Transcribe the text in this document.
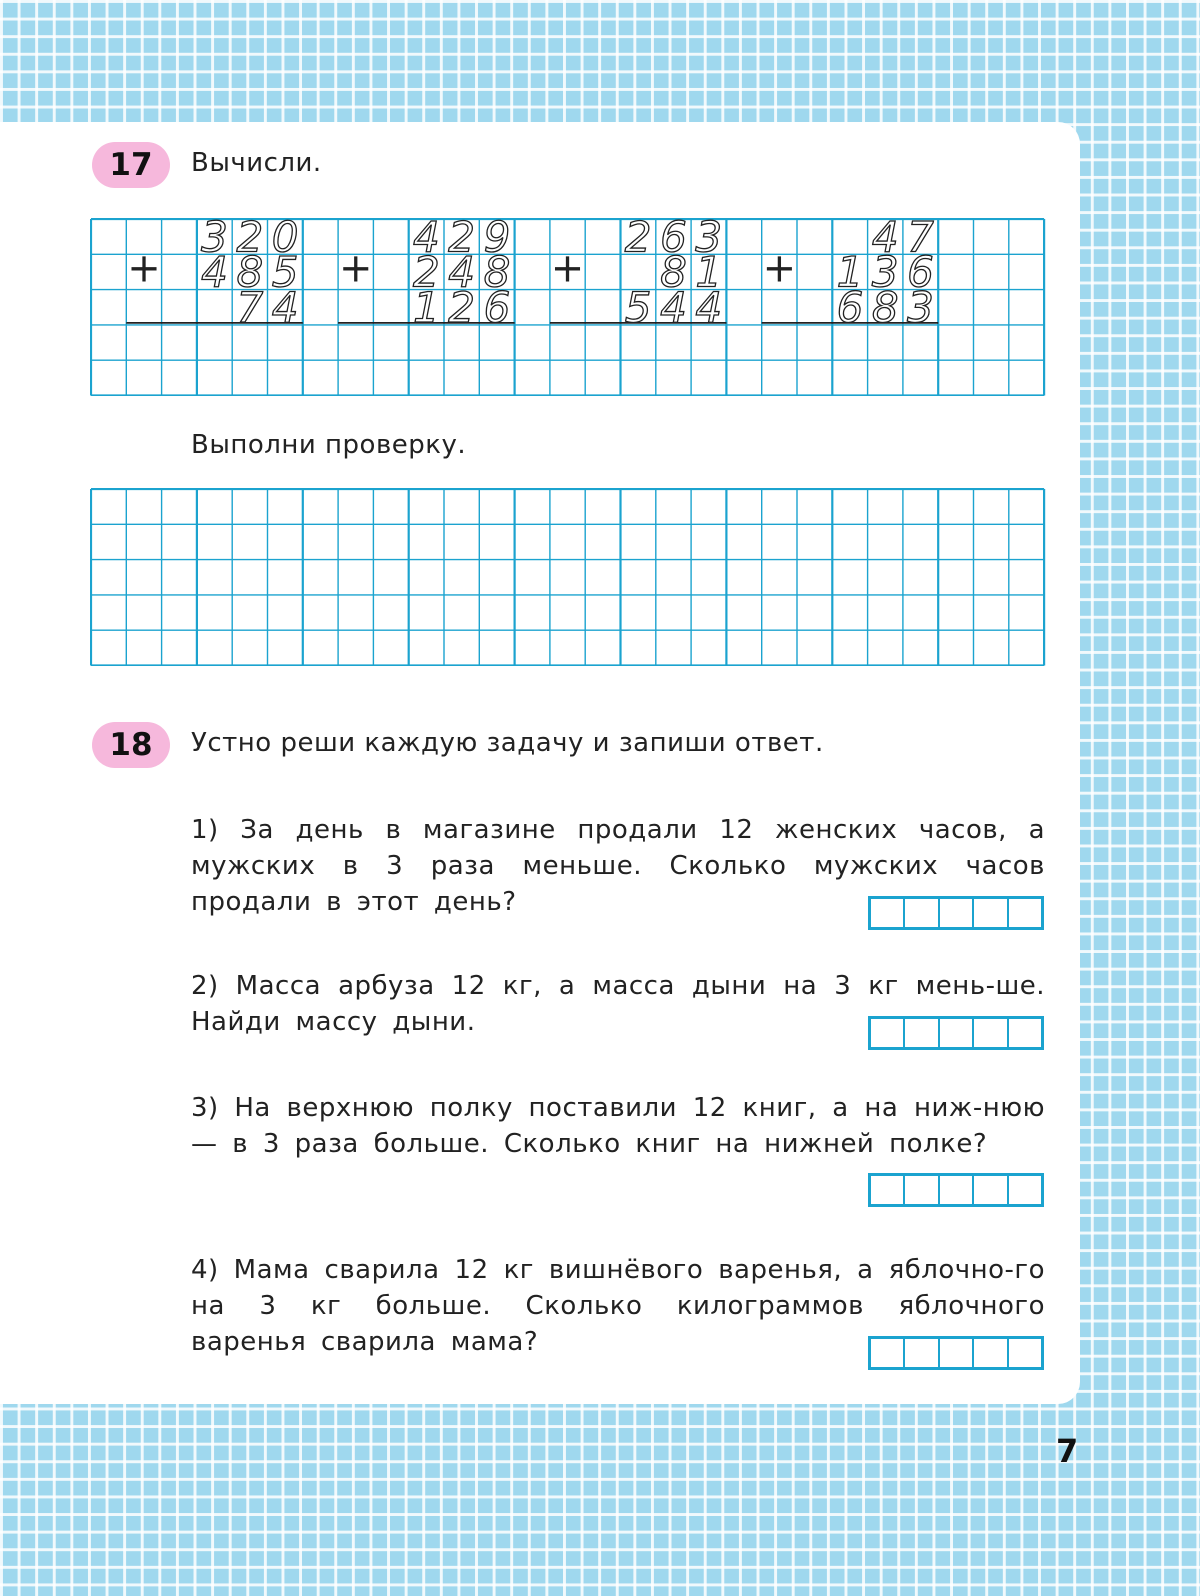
17	Вычисли.
3 2 0
4 8 5
7 4
+
4 2 9
2 4 8
1 2 6
+
2 6 3
8 1
5 4 4
+
4 7
1 3 6
6 8 3
+
Выполни проверку.
18	Устно реши каждую задачу и запиши ответ.
1) За день в магазине продали 12 женских часов, а мужских в 3 раза меньше. Сколько мужских часов продали в этот день?
2) Масса арбуза 12 кг, а масса дыни на 3 кг мень-ше. Найди массу дыни.
3) На верхнюю полку поставили 12 книг, а на ниж-нюю — в 3 раза больше. Сколько книг на нижней полке?
4) Мама сварила 12 кг вишнёвого варенья, а яблочно-го на 3 кг больше. Сколько килограммов яблочного варенья сварила мама?
7
